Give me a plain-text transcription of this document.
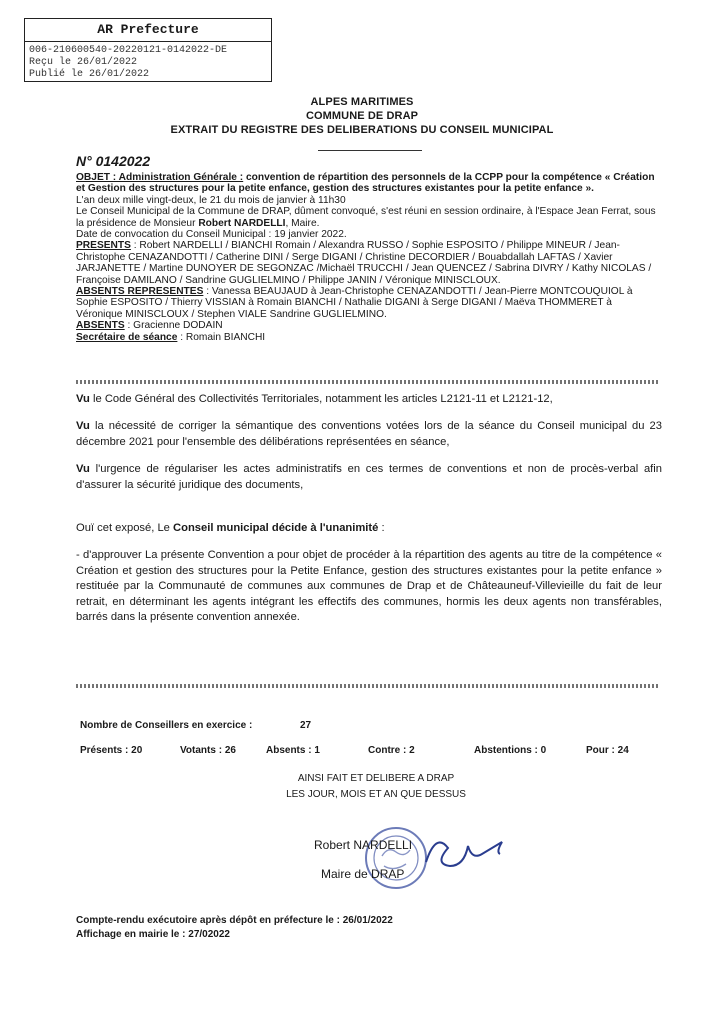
AR Prefecture
006-210600540-20220121-0142022-DE
Reçu le 26/01/2022
Publié le 26/01/2022
ALPES MARITIMES
COMMUNE DE DRAP
EXTRAIT DU REGISTRE DES DELIBERATIONS DU CONSEIL MUNICIPAL
N° 0142022

OBJET : Administration Générale : convention de répartition des personnels de la CCPP pour la compétence « Création et Gestion des structures pour la petite enfance, gestion des structures existantes pour la petite enfance ».

L'an deux mille vingt-deux, le 21 du mois de janvier à 11h30

Le Conseil Municipal de la Commune de DRAP, dûment convoqué, s'est réuni en session ordinaire, à l'Espace Jean Ferrat, sous la présidence de Monsieur Robert NARDELLI, Maire.

Date de convocation du Conseil Municipal : 19 janvier 2022.

PRESENTS : Robert NARDELLI / BIANCHI Romain / Alexandra RUSSO / Sophie ESPOSITO / Philippe MINEUR / Jean-Christophe CENAZANDOTTI / Catherine DINI / Serge DIGANI / Christine DECORDIER / Bouabdallah LAFTAS / Xavier JARJANETTE / Martine DUNOYER DE SEGONZAC /Michaël TRUCCHI / Jean QUENCEZ / Sabrina DIVRY / Kathy NICOLAS / Françoise DAMILANO / Sandrine GUGLIELMINO / Philippe JANIN / Véronique MINISCLOUX.

ABSENTS REPRESENTES : Vanessa BEAUJAUD à Jean-Christophe CENAZANDOTTI / Jean-Pierre MONTCOUQUIOL à Sophie ESPOSITO / Thierry VISSIAN à Romain BIANCHI / Nathalie DIGANI à Serge DIGANI / Maëva THOMMERET à Véronique MINISCLOUX / Stephen VIALE Sandrine GUGLIELMINO.

ABSENTS : Gracienne DODAIN

Secrétaire de séance : Romain BIANCHI

Vu le Code Général des Collectivités Territoriales, notamment les articles L2121-11 et L2121-12,

Vu la nécessité de corriger la sémantique des conventions votées lors de la séance du Conseil municipal du 23 décembre 2021 pour l'ensemble des délibérations représentées en séance,

Vu l'urgence de régulariser les actes administratifs en ces termes de conventions et non de procès-verbal afin d'assurer la sécurité juridique des documents,

Ouï cet exposé, Le Conseil municipal décide à l'unanimité :

- d'approuver La présente Convention a pour objet de procéder à la répartition des agents au titre de la compétence « Création et gestion des structures pour la Petite Enfance, gestion des structures existantes pour la petite enfance » restituée par la Communauté de communes aux communes de Drap et de Châteauneuf-Villevieille du fait de leur retrait, en déterminant les agents intégrant les effectifs des communes, hormis les deux agents non transférables, barrés dans la présente convention annexée.

Nombre de Conseillers en exercice :	27
Présents : 20	Votants : 26	Absents : 1	Contre : 2	Abstentions : 0	Pour : 24
AINSI FAIT ET DELIBERE A DRAP
LES JOUR, MOIS ET AN QUE DESSUS
Robert NARDELLI
Maire de DRAP
Compte-rendu exécutoire après dépôt en préfecture le : 26/01/2022
Affichage en mairie le : 27/02022
